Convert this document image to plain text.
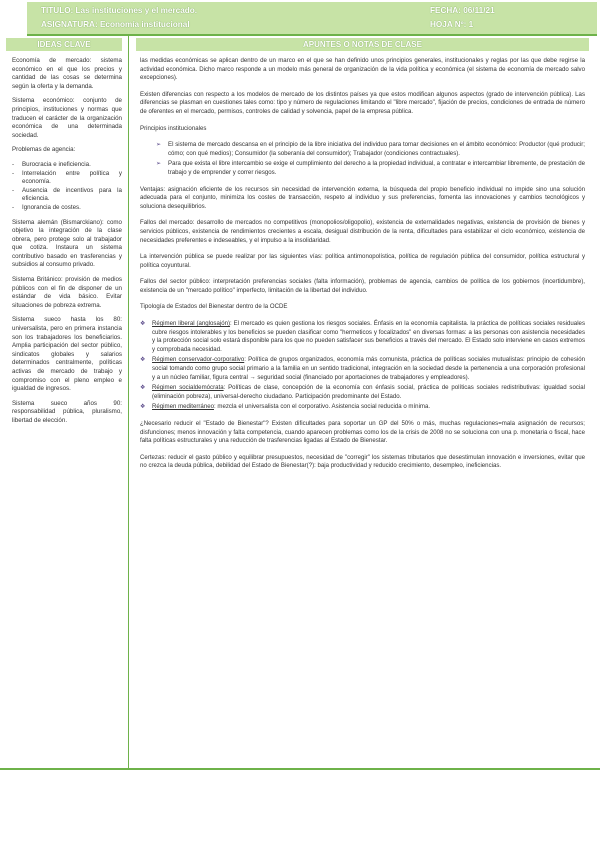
TITULO: Las instituciones y el mercado.
ASIGNATURA: Economía institucional
FECHA: 06/11/21
HOJA Nº: 1
IDEAS CLAVE

Economía de mercado: sistema económico en el que los precios y cantidad de las cosas se determina según la oferta y la demanda.

Sistema económico: conjunto de principios, instituciones y normas que traducen el carácter de la organización económica de una determinada sociedad.

Problemas de agencia:

- Burocracia e ineficiencia.
- Interrelación entre política y economía.
- Ausencia de incentivos para la eficiencia.
- Ignorancia de costes.

Sistema alemán (Bismarckiano): como objetivo la integración de la clase obrera, pero protege solo al trabajador que cotiza. Instaura un sistema contributivo basado en trasferencias y subsidios al consumo privado.

Sistema Británico: provisión de medios públicos con el fin de disponer de un estándar de vida básico. Evitar situaciones de pobreza extrema.

Sistema sueco hasta los 80: universalista, pero en primera instancia son los trabajadores los beneficiarios. Amplia participación del sector público, sindicatos globales y salarios determinados centralmente, políticas activas de mercado de trabajo y compromiso con el pleno empleo e igualdad de ingresos.

Sistema sueco años 90: responsabilidad pública, pluralismo, libertad de elección.

APUNTES O NOTAS DE CLASE

las medidas económicas se aplican dentro de un marco en el que se han definido unos principios generales, institucionales y reglas por las que debe regirse la actividad económica. Dicho marco responde a un modelo más general de organización de la vida política y económica (el sistema de economía de mercado salvo excepciones).

Existen diferencias con respecto a los modelos de mercado de los distintos países ya que estos modifican algunos aspectos (grado de intervención pública). Las diferencias se plasman en cuestiones tales como: tipo y número de regulaciones limitando el "libre mercado", fijación de precios, condiciones de entrada de número de oferentes en el mercado, permisos, controles de calidad y solvencia, papel de la empresa pública.

Principios institucionales

➢ El sistema de mercado descansa en el principio de la libre iniciativa del individuo para tomar decisiones en el ámbito económico: Productor (qué producir; cómo; con qué medios); Consumidor (la soberanía del consumidor); Trabajador (condiciones contractuales).
➢ Para que exista el libre intercambio se exige el cumplimiento del derecho a la propiedad individual, a contratar e intercambiar libremente, de prestación de trabajo y de emprender y correr riesgos.

Ventajas: asignación eficiente de los recursos sin necesidad de intervención externa, la búsqueda del propio beneficio individual no impide sino una solución adecuada para el conjunto, minimiza los costes de transacción, respeto al individuo y sus preferencias, fomenta las innovaciones y cambios tecnológicos y soluciona desequilibrios.

Fallos del mercado: desarrollo de mercados no competitivos (monopolios/oligopolio), existencia de externalidades negativas, existencia de provisión de bienes y servicios públicos, existencia de rendimientos crecientes a escala, desigual distribución de la renta, dificultades para estabilizar el ciclo económico, existencia de necesidades preferentes e indeseables, y el impulso a la insolidaridad.

La intervención pública se puede realizar por las siguientes vías: política antimonopolística, política de regulación pública del consumidor, política estructural y política coyuntural.

Fallos del sector público: interpretación preferencias sociales (falta información), problemas de agencia, cambios de política de los gobiernos (incertidumbre), existencia de un "mercado político" imperfecto, limitación de la libertad del individuo.

Tipología de Estados del Bienestar dentro de la OCDE

❖ Régimen liberal (anglosajón): El mercado es quien gestiona los riesgos sociales. Énfasis en la economía capitalista. la práctica de políticas sociales residuales cubre riesgos intolerables y los beneficios se pueden clasificar como "hermeticos y focalizados" en diversas formas: a las personas con asistencia necesidades y la protección social solo estará disponible para los que no pueden satisfacer sus beneficios a través del mercado. El Estado solo interviene en casos extremos y comprobada necesidad.
❖ Régimen conservador-corporativo: Política de grupos organizados, economía más comunista, práctica de políticas sociales mutualistas: principio de cohesión social tomando como grupo social primario a la familia en un sentido tradicional, integración en la sociedad desde la pertenencia a una corporación profesional y a un núcleo familiar, figura central → seguridad social (financiado por aportaciones de trabajadores y empleadores).
❖ Régimen socialdemócrata: Políticas de clase, concepción de la economía con énfasis social, práctica de políticas sociales redistributivas: igualdad social (eliminación pobreza), universal-derecho ciudadano. Participación predominante del Estado.
❖ Régimen mediterráneo: mezcla el universalista con el corporativo. Asistencia social reducida o mínima.

¿Necesario reducir el "Estado de Bienestar"? Existen dificultades para soportar un GP del 50% o más, muchas regulaciones=mala asignación de recursos; disfunciones; menos innovación y falta competencia, cuando aparecen problemas como los de la crisis de 2008 no se soluciona con una p. monetaria o fiscal, hace falta políticas estructurales y una reducción de trasferencias ligadas al Estado de Bienestar.

Certezas: reducir el gasto público y equilibrar presupuestos, necesidad de "corregir" los sistemas tributarios que desestimulan innovación e inversiones, evitar que no crezca la deuda pública, debilidad del Estado de Bienestar(?): baja productividad y reducido crecimiento, desempleo, ineficiencias.
